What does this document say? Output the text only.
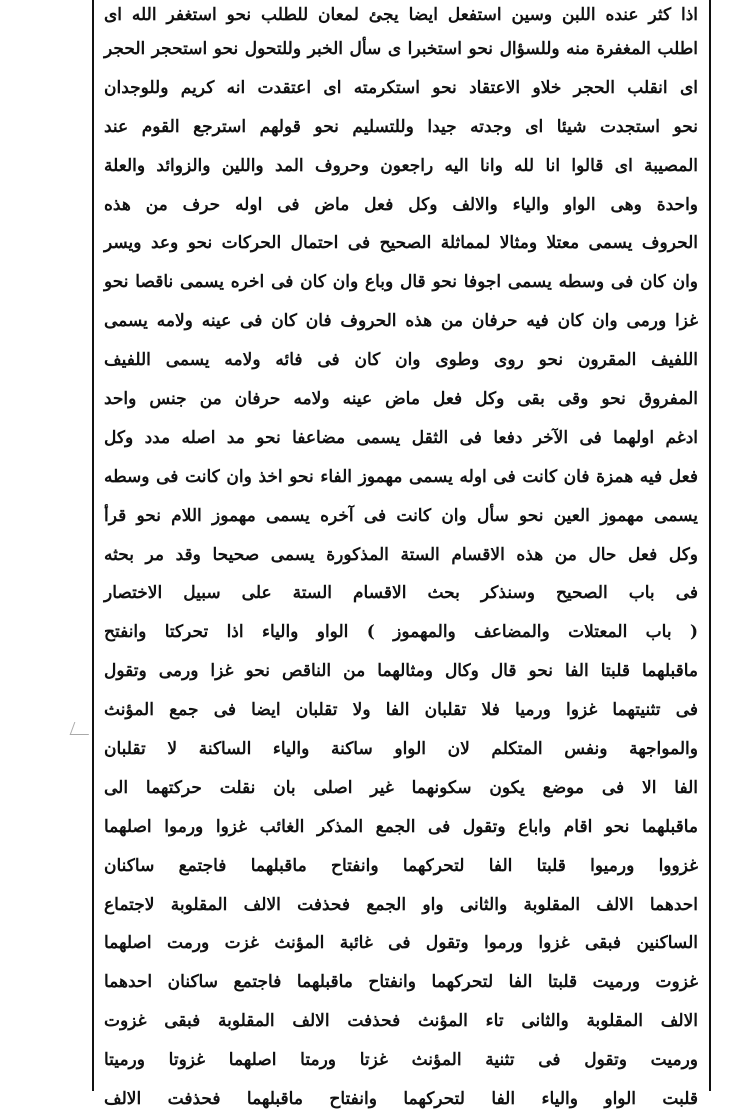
اذا كثر عنده اللبن وسين استفعل ايضا يجئ لمعان للطلب نحو استغفر الله اى
اطلب المغفرة منه وللسؤال نحو استخبرا ى سأل الخبر وللتحول نحو استحجر الحجر
اى انقلب الحجر خلاو الاعتقاد نحو استكرمته اى اعتقدت انه كريم وللوجدان
نحو استجدت شيئا اى وجدته جيدا وللتسليم نحو قولهم استرجع القوم عند
المصيبة اى قالوا انا لله وانا اليه راجعون وحروف المد واللين والزوائد والعلة
واحدة وهى الواو والياء والالف وكل فعل ماض فى اوله حرف من هذه
الحروف يسمى معتلا ومثالا لمماثلة الصحيح فى احتمال الحركات نحو وعد ويسر
وان كان فى وسطه يسمى اجوفا نحو قال وباع وان كان فى اخره يسمى ناقصا نحو
غزا ورمى وان كان فيه حرفان من هذه الحروف فان كان فى عينه ولامه يسمى
اللفيف المقرون نحو روى وطوى وان كان فى فائه ولامه يسمى اللفيف
المفروق نحو وقى بقى وكل فعل ماض عينه ولامه حرفان من جنس واحد
ادغم اولهما فى الآخر دفعا فى الثقل يسمى مضاعفا نحو مد اصله مدد وكل
فعل فيه همزة فان كانت فى اوله يسمى مهموز الفاء نحو اخذ وان كانت فى وسطه
يسمى مهموز العين نحو سأل وان كانت فى آخره يسمى مهموز اللام نحو قرأ
وكل فعل حال من هذه الاقسام الستة المذكورة يسمى صحيحا وقد مر بحثه
فى باب الصحيح وسنذكر بحث الاقسام الستة على سبيل الاختصار
( باب المعتلات والمضاعف والمهموز ) الواو والياء اذا تحركتا وانفتح
ماقبلهما قلبتا الفا نحو قال وكال ومثالهما من الناقص نحو غزا ورمى وتقول
فى تثنيتهما غزوا ورميا فلا تقلبان الفا ولا تقلبان ايضا فى جمع المؤنث
والمواجهة ونفس المتكلم لان الواو ساكنة والياء الساكنة لا تقلبان
الفا الا فى موضع يكون سكونهما غير اصلى بان نقلت حركتهما الى
ماقبلهما نحو اقام واباع وتقول فى الجمع المذكر الغائب غزوا ورموا اصلهما
غزووا ورميوا قلبتا الفا لتحركهما وانفتاح ماقبلهما فاجتمع ساكنان
احدهما الالف المقلوبة والثانى واو الجمع فحذفت الالف المقلوبة لاجتماع
الساكنين فبقى غزوا ورموا وتقول فى غائبة المؤنث غزت ورمت اصلهما
غزوت ورميت قلبتا الفا لتحركهما وانفتاح ماقبلهما فاجتمع ساكنان احدهما
الالف المقلوبة والثانى تاء المؤنث فحذفت الالف المقلوبة فبقى غزوت
ورميت وتقول فى تثنية المؤنث غزتا ورمتا اصلهما غزوتا ورميتا
قلبت الواو والياء الفا لتحركهما وانفتاح ماقبلهما فحذفت الالف
